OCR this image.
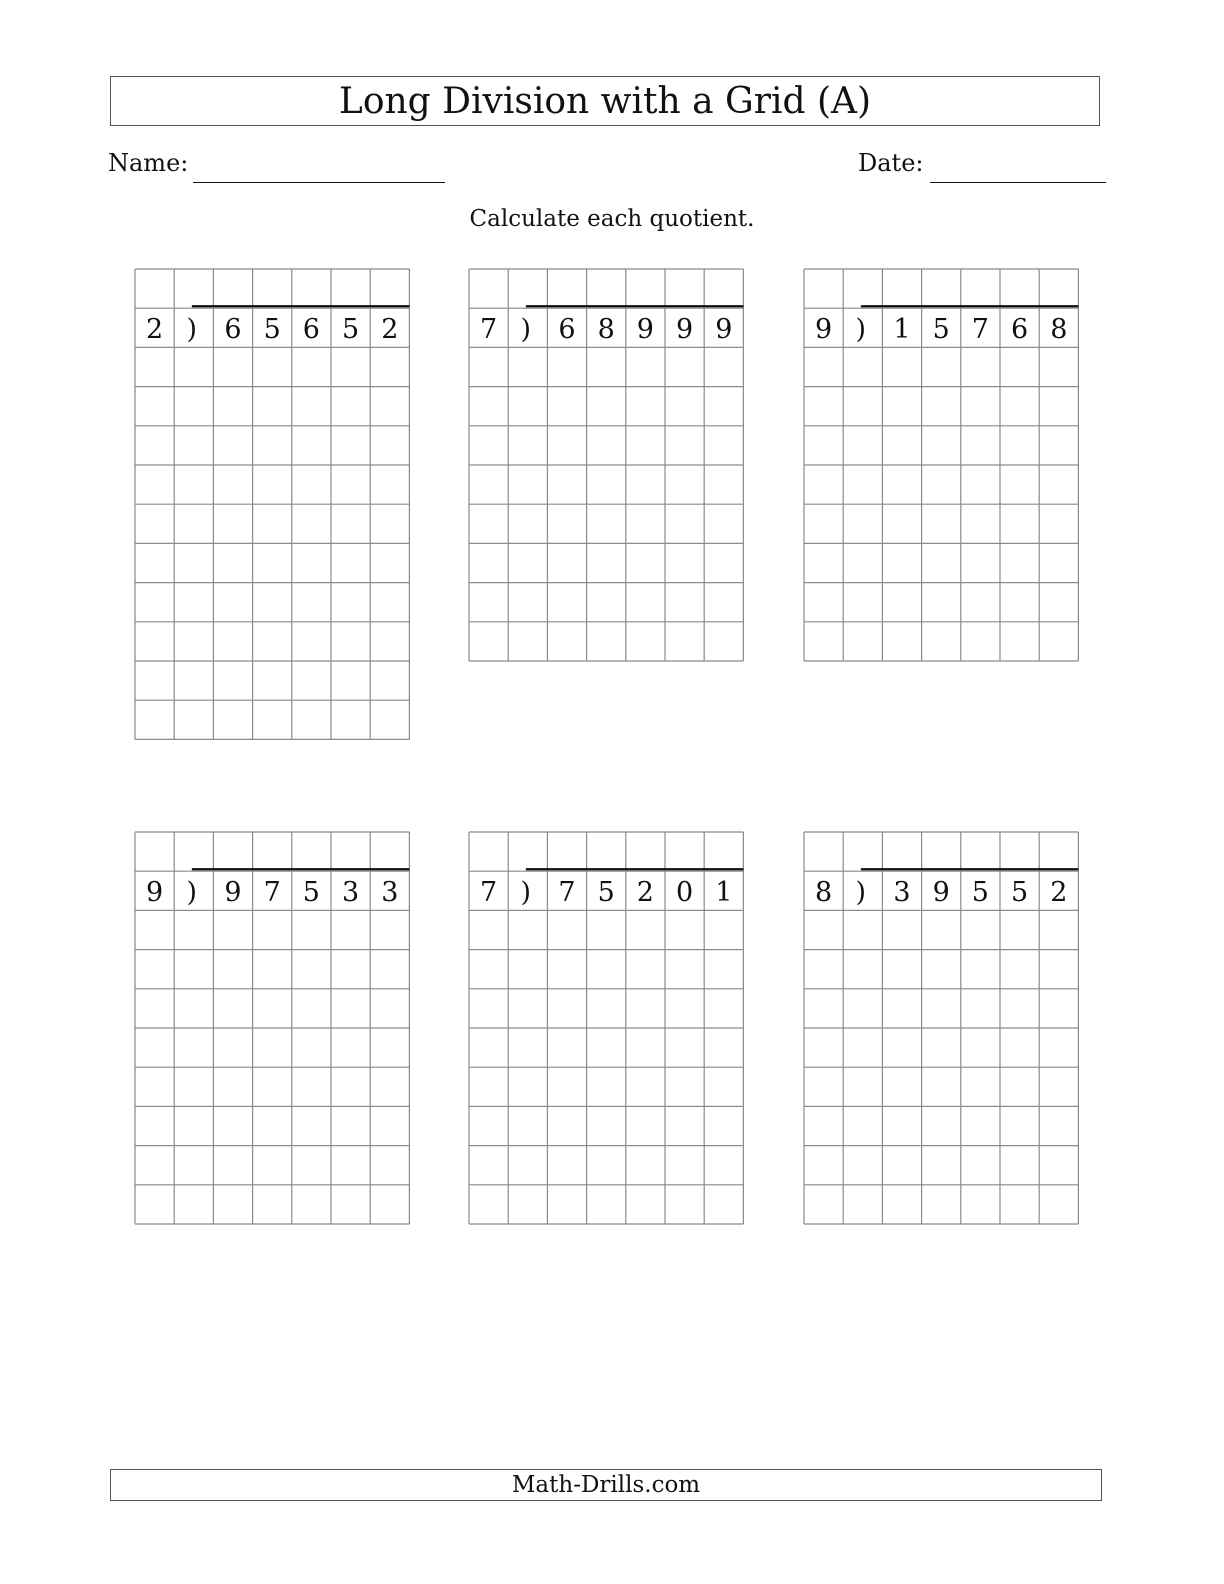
Long Division with a Grid (A)
Name:	Date:
Calculate each quotient.
2 ) 6 5 6 5 2	7 ) 6 8 9 9 9	9 ) 1 5 7 6 8
9 ) 9 7 5 3 3	7 ) 7 5 2 0 1	8 ) 3 9 5 5 2
Math-Drills.com
